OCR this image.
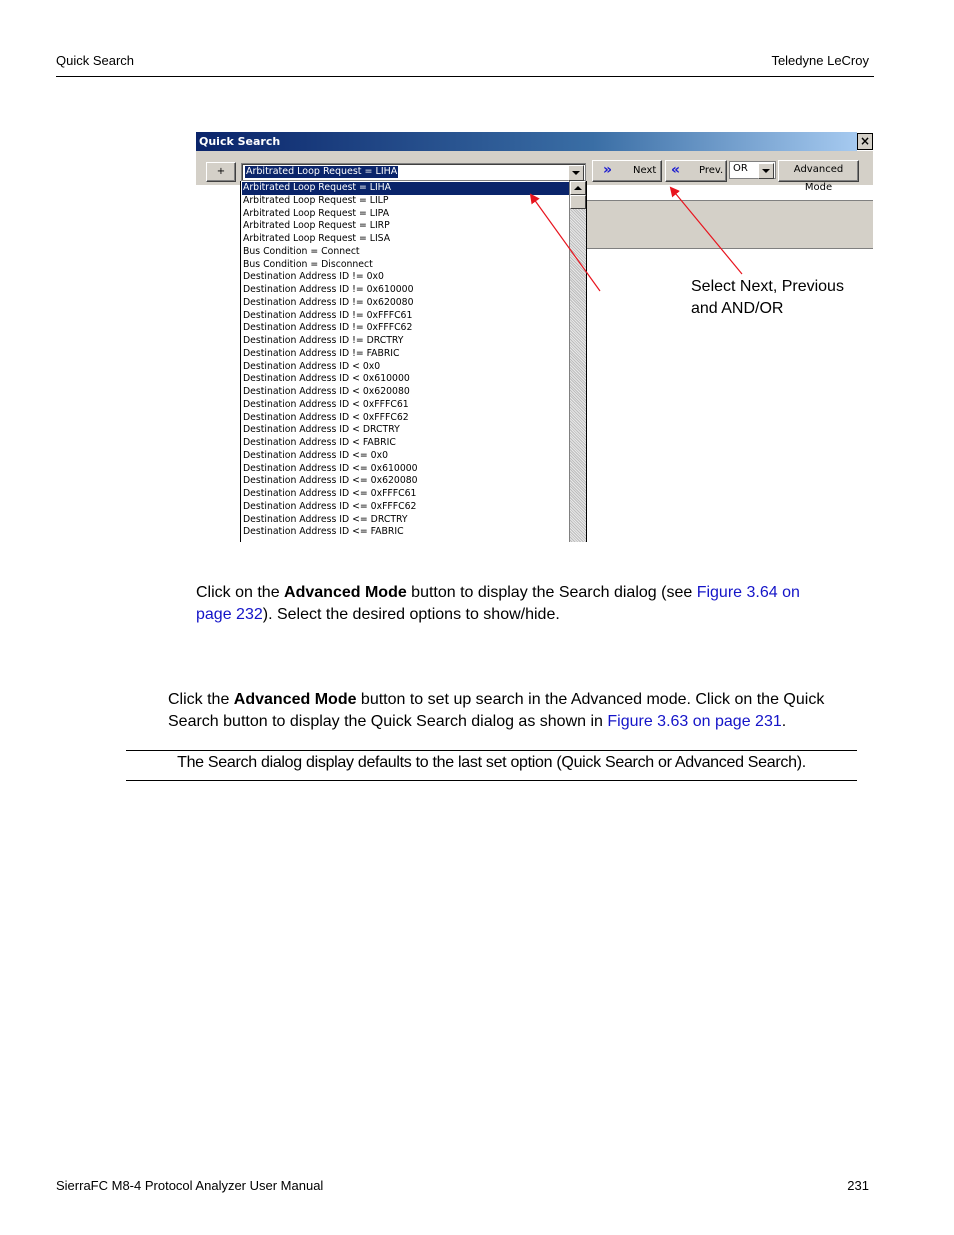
Quick Search	Teledyne LeCroy
Quick Search	×
+	Arbitrated Loop Request = LIHA	» Next « Prev. OR	Advanced Mode
Arbitrated Loop Request = LIHA
Arbitrated Loop Request = LILP
Arbitrated Loop Request = LIPA
Arbitrated Loop Request = LIRP
Arbitrated Loop Request = LISA
Bus Condition = Connect
Bus Condition = Disconnect
Destination Address ID != 0x0
Destination Address ID != 0x610000
Destination Address ID != 0x620080
Destination Address ID != 0xFFFC61
Destination Address ID != 0xFFFC62
Destination Address ID != DRCTRY
Destination Address ID != FABRIC
Destination Address ID < 0x0
Destination Address ID < 0x610000
Destination Address ID < 0x620080
Destination Address ID < 0xFFFC61
Destination Address ID < 0xFFFC62
Destination Address ID < DRCTRY
Destination Address ID < FABRIC
Destination Address ID <= 0x0
Destination Address ID <= 0x610000
Destination Address ID <= 0x620080
Destination Address ID <= 0xFFFC61
Destination Address ID <= 0xFFFC62
Destination Address ID <= DRCTRY
Destination Address ID <= FABRIC
Select Next, Previous
and AND/OR
Click on the Advanced Mode button to display the Search dialog (see Figure 3.64 on
page 232). Select the desired options to show/hide.
Click the Advanced Mode button to set up search in the Advanced mode. Click on the Quick
Search button to display the Quick Search dialog as shown in Figure 3.63 on page 231.
The Search dialog display defaults to the last set option (Quick Search or Advanced Search).
SierraFC M8-4 Protocol Analyzer User Manual	231
